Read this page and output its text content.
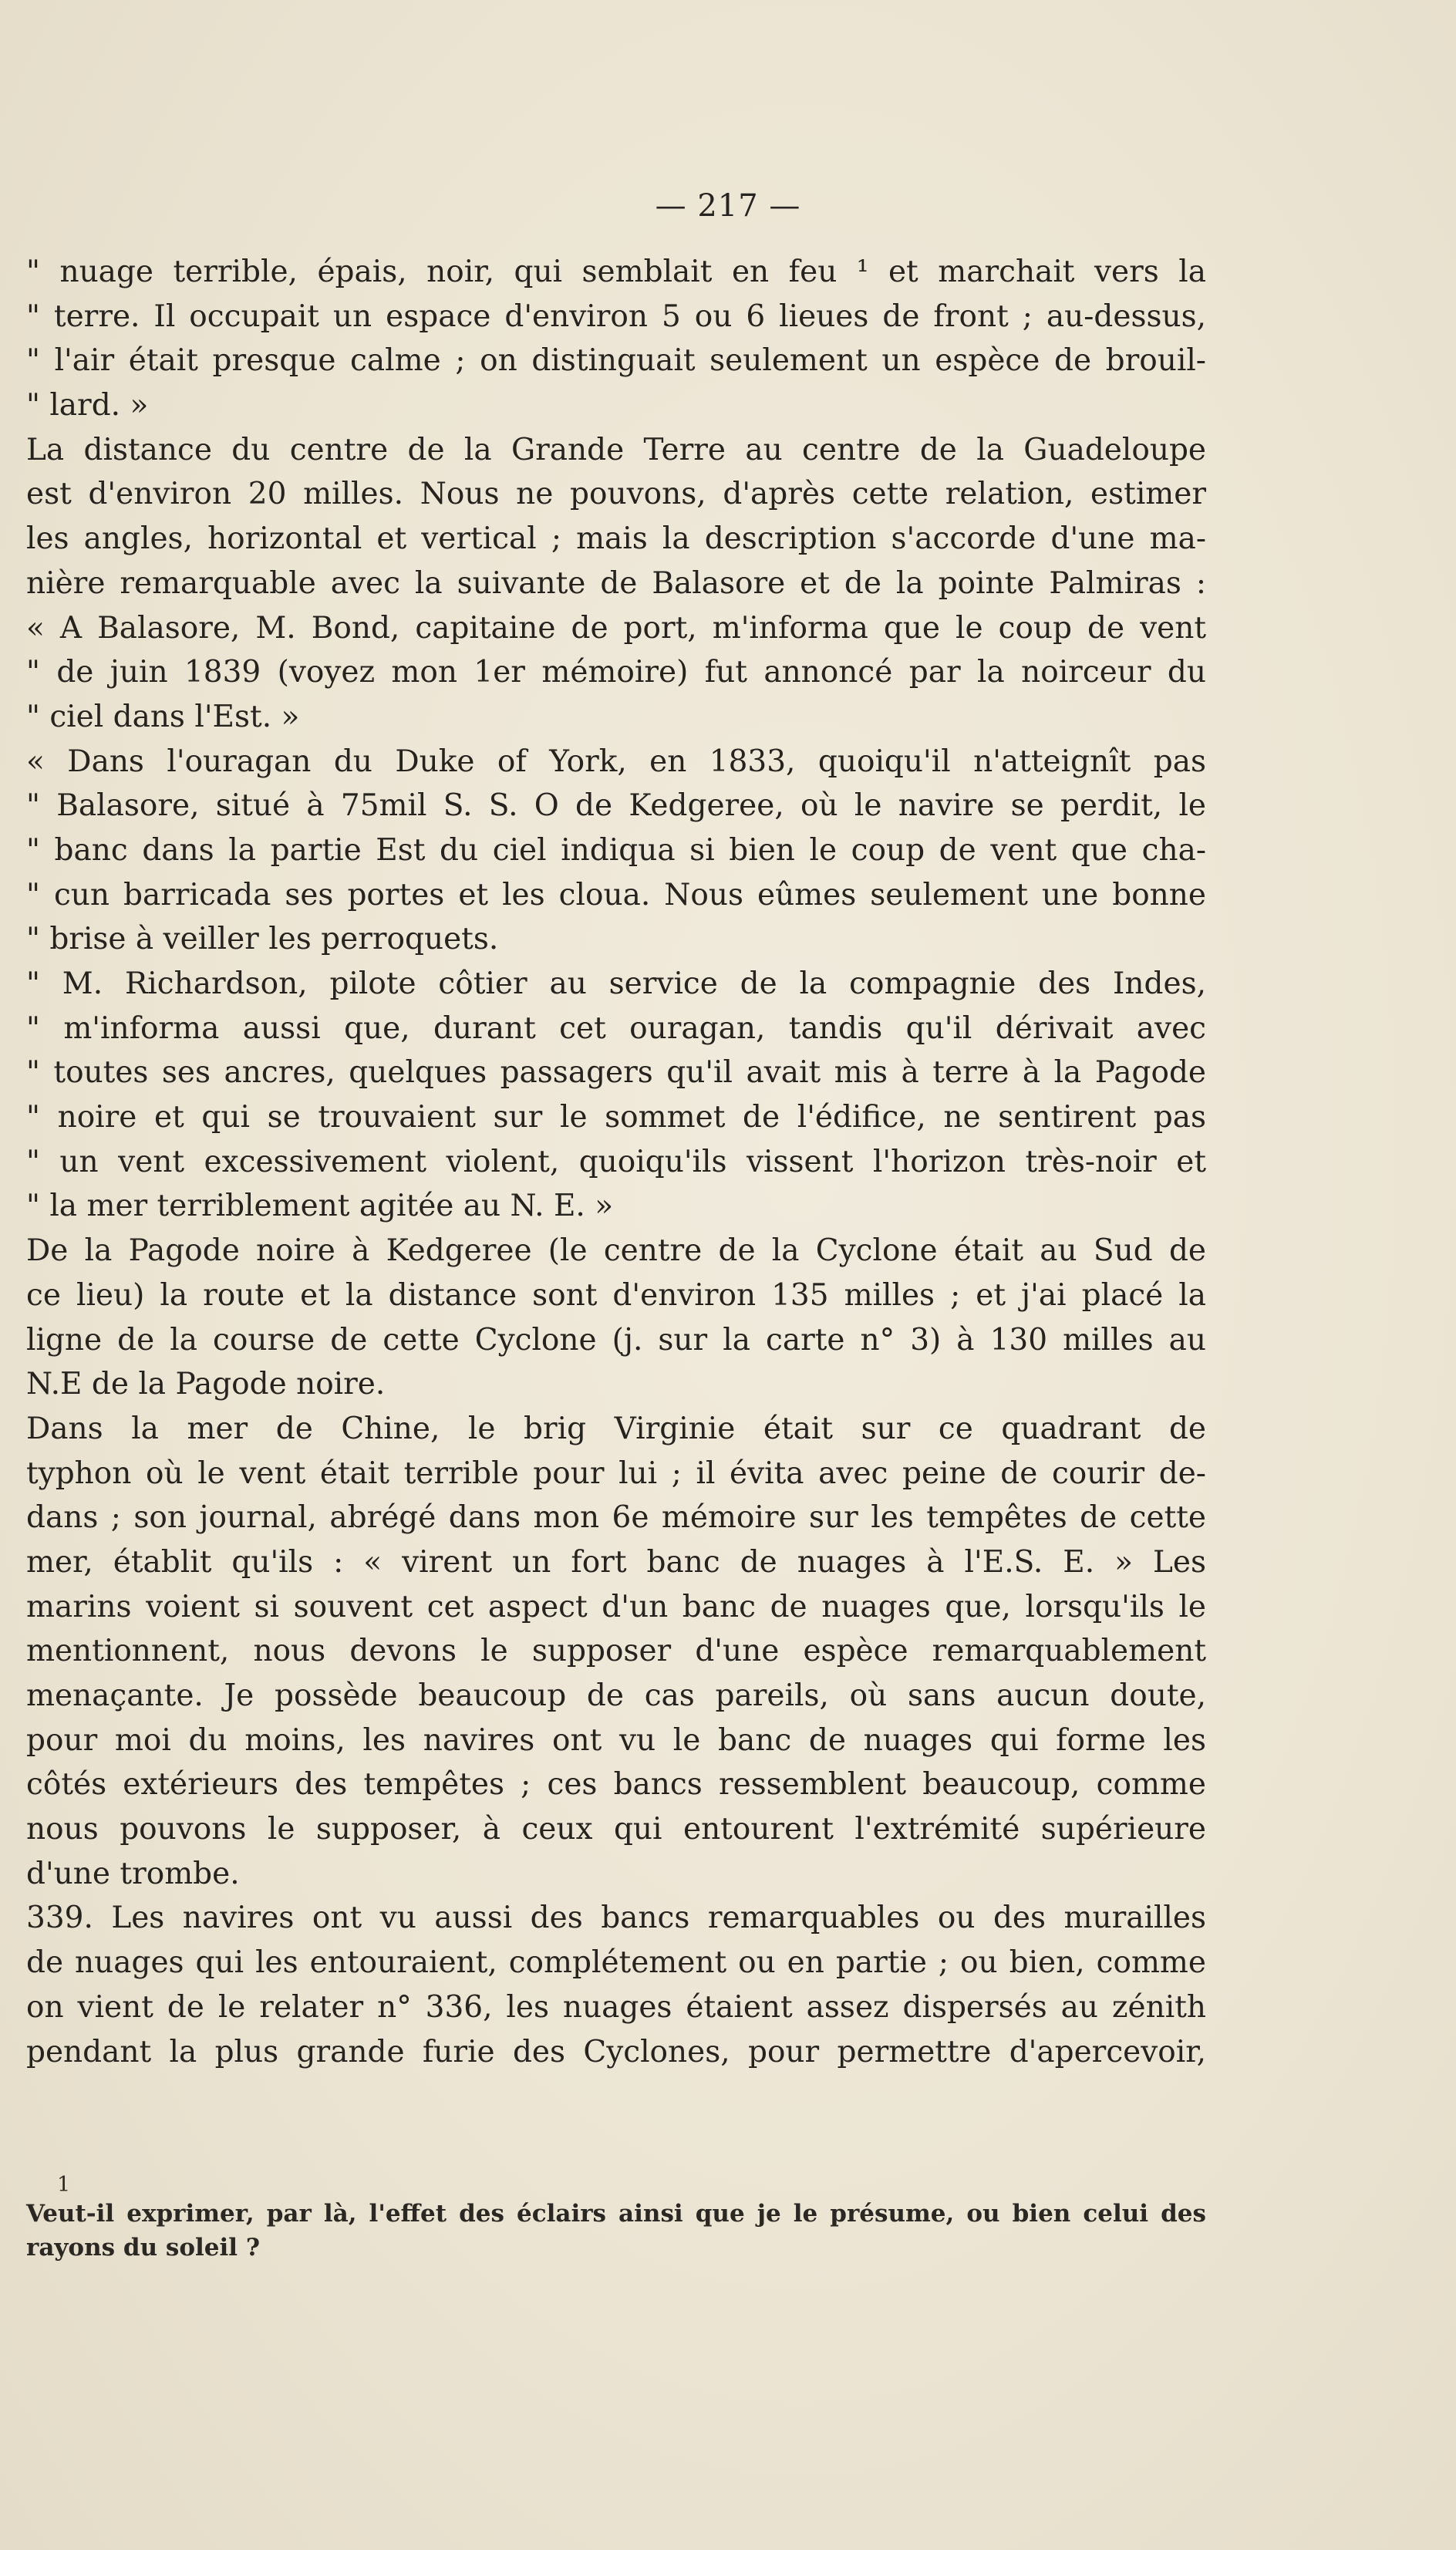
— 217 —
" nuage terrible, épais, noir, qui semblait en feu ¹ et marchait vers la
" terre. Il occupait un espace d'environ 5 ou 6 lieues de front ; au-dessus,
" l'air était presque calme ; on distinguait seulement un espèce de brouil-
" lard. »
La distance du centre de la Grande Terre au centre de la Guadeloupe
est d'environ 20 milles. Nous ne pouvons, d'après cette relation, estimer
les angles, horizontal et vertical ; mais la description s'accorde d'une ma-
nière remarquable avec la suivante de Balasore et de la pointe Palmiras :
« A Balasore, M. Bond, capitaine de port, m'informa que le coup de vent
" de juin 1839 (voyez mon 1er mémoire) fut annoncé par la noirceur du
" ciel dans l'Est. »
« Dans l'ouragan du Duke of York, en 1833, quoiqu'il n'atteignît pas
" Balasore, situé à 75mil S. S. O de Kedgeree, où le navire se perdit, le
" banc dans la partie Est du ciel indiqua si bien le coup de vent que cha-
" cun barricada ses portes et les cloua. Nous eûmes seulement une bonne
" brise à veiller les perroquets.
" M. Richardson, pilote côtier au service de la compagnie des Indes,
" m'informa aussi que, durant cet ouragan, tandis qu'il dérivait avec
" toutes ses ancres, quelques passagers qu'il avait mis à terre à la Pagode
" noire et qui se trouvaient sur le sommet de l'édifice, ne sentirent pas
" un vent excessivement violent, quoiqu'ils vissent l'horizon très-noir et
" la mer terriblement agitée au N. E. »
De la Pagode noire à Kedgeree (le centre de la Cyclone était au Sud de
ce lieu) la route et la distance sont d'environ 135 milles ; et j'ai placé la
ligne de la course de cette Cyclone (j. sur la carte n° 3) à 130 milles au
N.E de la Pagode noire.
Dans la mer de Chine, le brig Virginie était sur ce quadrant de
typhon où le vent était terrible pour lui ; il évita avec peine de courir de-
dans ; son journal, abrégé dans mon 6e mémoire sur les tempêtes de cette
mer, établit qu'ils : « virent un fort banc de nuages à l'E.S. E. » Les
marins voient si souvent cet aspect d'un banc de nuages que, lorsqu'ils le
mentionnent, nous devons le supposer d'une espèce remarquablement
menaçante. Je possède beaucoup de cas pareils, où sans aucun doute,
pour moi du moins, les navires ont vu le banc de nuages qui forme les
côtés extérieurs des tempêtes ; ces bancs ressemblent beaucoup, comme
nous pouvons le supposer, à ceux qui entourent l'extrémité supérieure
d'une trombe.
339. Les navires ont vu aussi des bancs remarquables ou des murailles
de nuages qui les entouraient, complétement ou en partie ; ou bien, comme
on vient de le relater n° 336, les nuages étaient assez dispersés au zénith
pendant la plus grande furie des Cyclones, pour permettre d'apercevoir,
1
Veut-il exprimer, par là, l'effet des éclairs ainsi que je le présume, ou bien celui des
rayons du soleil ?
